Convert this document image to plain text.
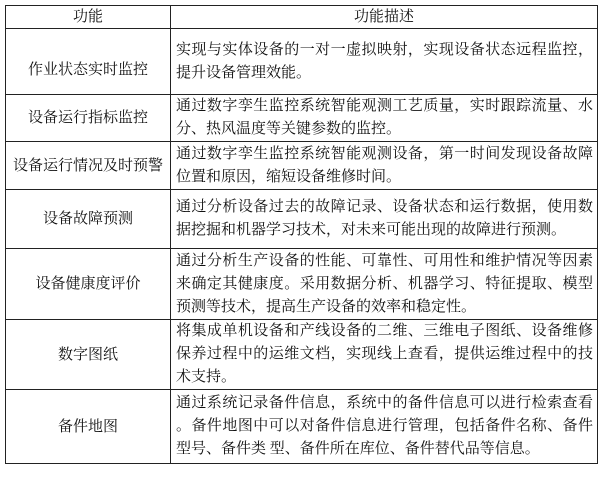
功能	功能描述
作业状态实时监控	实现与实体设备的一对一虚拟映射，实现设备状态远程监控，
提升设备管理效能。

设备运行指标监控	通过数字孪生监控系统智能观测工艺质量，实时跟踪流量、水
分、热风温度等关键参数的监控。

设备运行情况及时预警	通过数字孪生监控系统智能观测设备，第一时间发现设备故障
位置和原因，缩短设备维修时间。

设备故障预测	通过分析设备过去的故障记录、设备状态和运行数据，使用数
据挖掘和机器学习技术，对未来可能出现的故障进行预测。

设备健康度评价	通过分析生产设备的性能、可靠性、可用性和维护情况等因素
来确定其健康度。采用数据分析、机器学习、特征提取、模型
预测等技术，提高生产设备的效率和稳定性。

数字图纸	将集成单机设备和产线设备的二维、三维电子图纸、设备维修
保养过程中的运维文档，实现线上查看，提供运维过程中的技
术支持。

备件地图	通过系统记录备件信息，系统中的备件信息可以进行检索查看
。备件地图中可以对备件信息进行管理，包括备件名称、备件
型号、备件类 型、备件所在库位、备件替代品等信息。
